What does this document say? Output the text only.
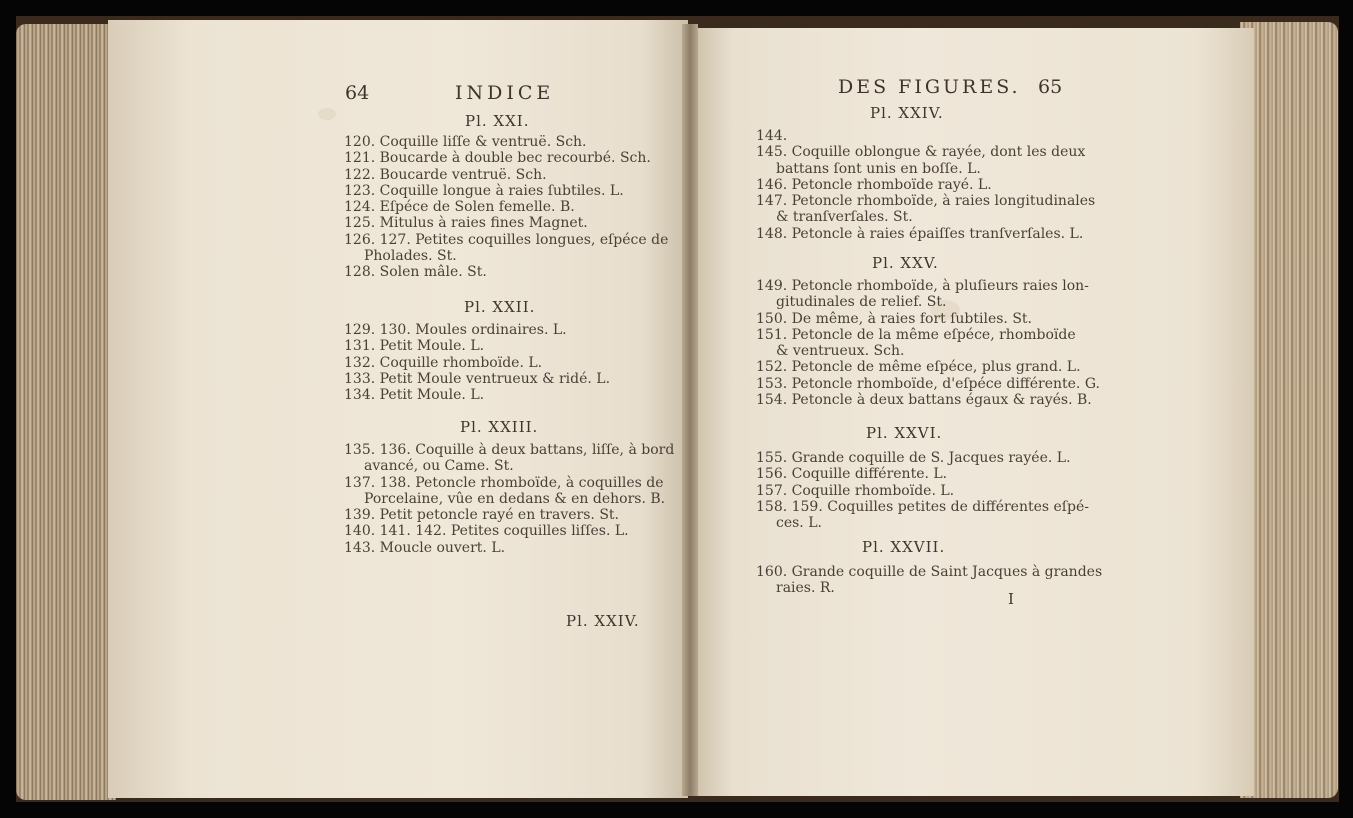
64	INDICE
Pl. XXI.
120. Coquille liſſe & ventruë. Sch.
121. Boucarde à double bec recourbé. Sch.
122. Boucarde ventruë. Sch.
123. Coquille longue à raies ſubtiles. L.
124. Eſpéce de Solen femelle. B.
125. Mitulus à raies fines Magnet.
126. 127. Petites coquilles longues, eſpéce de
Pholades. St.
128. Solen mâle. St.
Pl. XXII.
129. 130. Moules ordinaires. L.
131. Petit Moule. L.
132. Coquille rhomboïde. L.
133. Petit Moule ventrueux & ridé. L.
134. Petit Moule. L.
Pl. XXIII.
135. 136. Coquille à deux battans, liſſe, à bord
avancé, ou Came. St.
137. 138. Petoncle rhomboïde, à coquilles de
Porcelaine, vûe en dedans & en dehors. B.
139. Petit petoncle rayé en travers. St.
140. 141. 142. Petites coquilles liſſes. L.
143. Moucle ouvert. L.
Pl. XXIV.
DES FIGURES. 65
Pl. XXIV.
144.
145. Coquille oblongue & rayée, dont les deux
battans ſont unis en boſſe. L.
146. Petoncle rhomboïde rayé. L.
147. Petoncle rhomboïde, à raies longitudinales
& tranſverſales. St.
148. Petoncle à raies épaiſſes tranſverſales. L.
Pl. XXV.
149. Petoncle rhomboïde, à pluſieurs raies lon-
gitudinales de relief. St.
150. De même, à raies fort ſubtiles. St.
151. Petoncle de la même eſpéce, rhomboïde
& ventrueux. Sch.
152. Petoncle de même eſpéce, plus grand. L.
153. Petoncle rhomboïde, d'eſpéce différente. G.
154. Petoncle à deux battans égaux & rayés. B.
Pl. XXVI.
155. Grande coquille de S. Jacques rayée. L.
156. Coquille différente. L.
157. Coquille rhomboïde. L.
158. 159. Coquilles petites de différentes eſpé-
ces. L.
Pl. XXVII.
160. Grande coquille de Saint Jacques à grandes
raies. R.
I
